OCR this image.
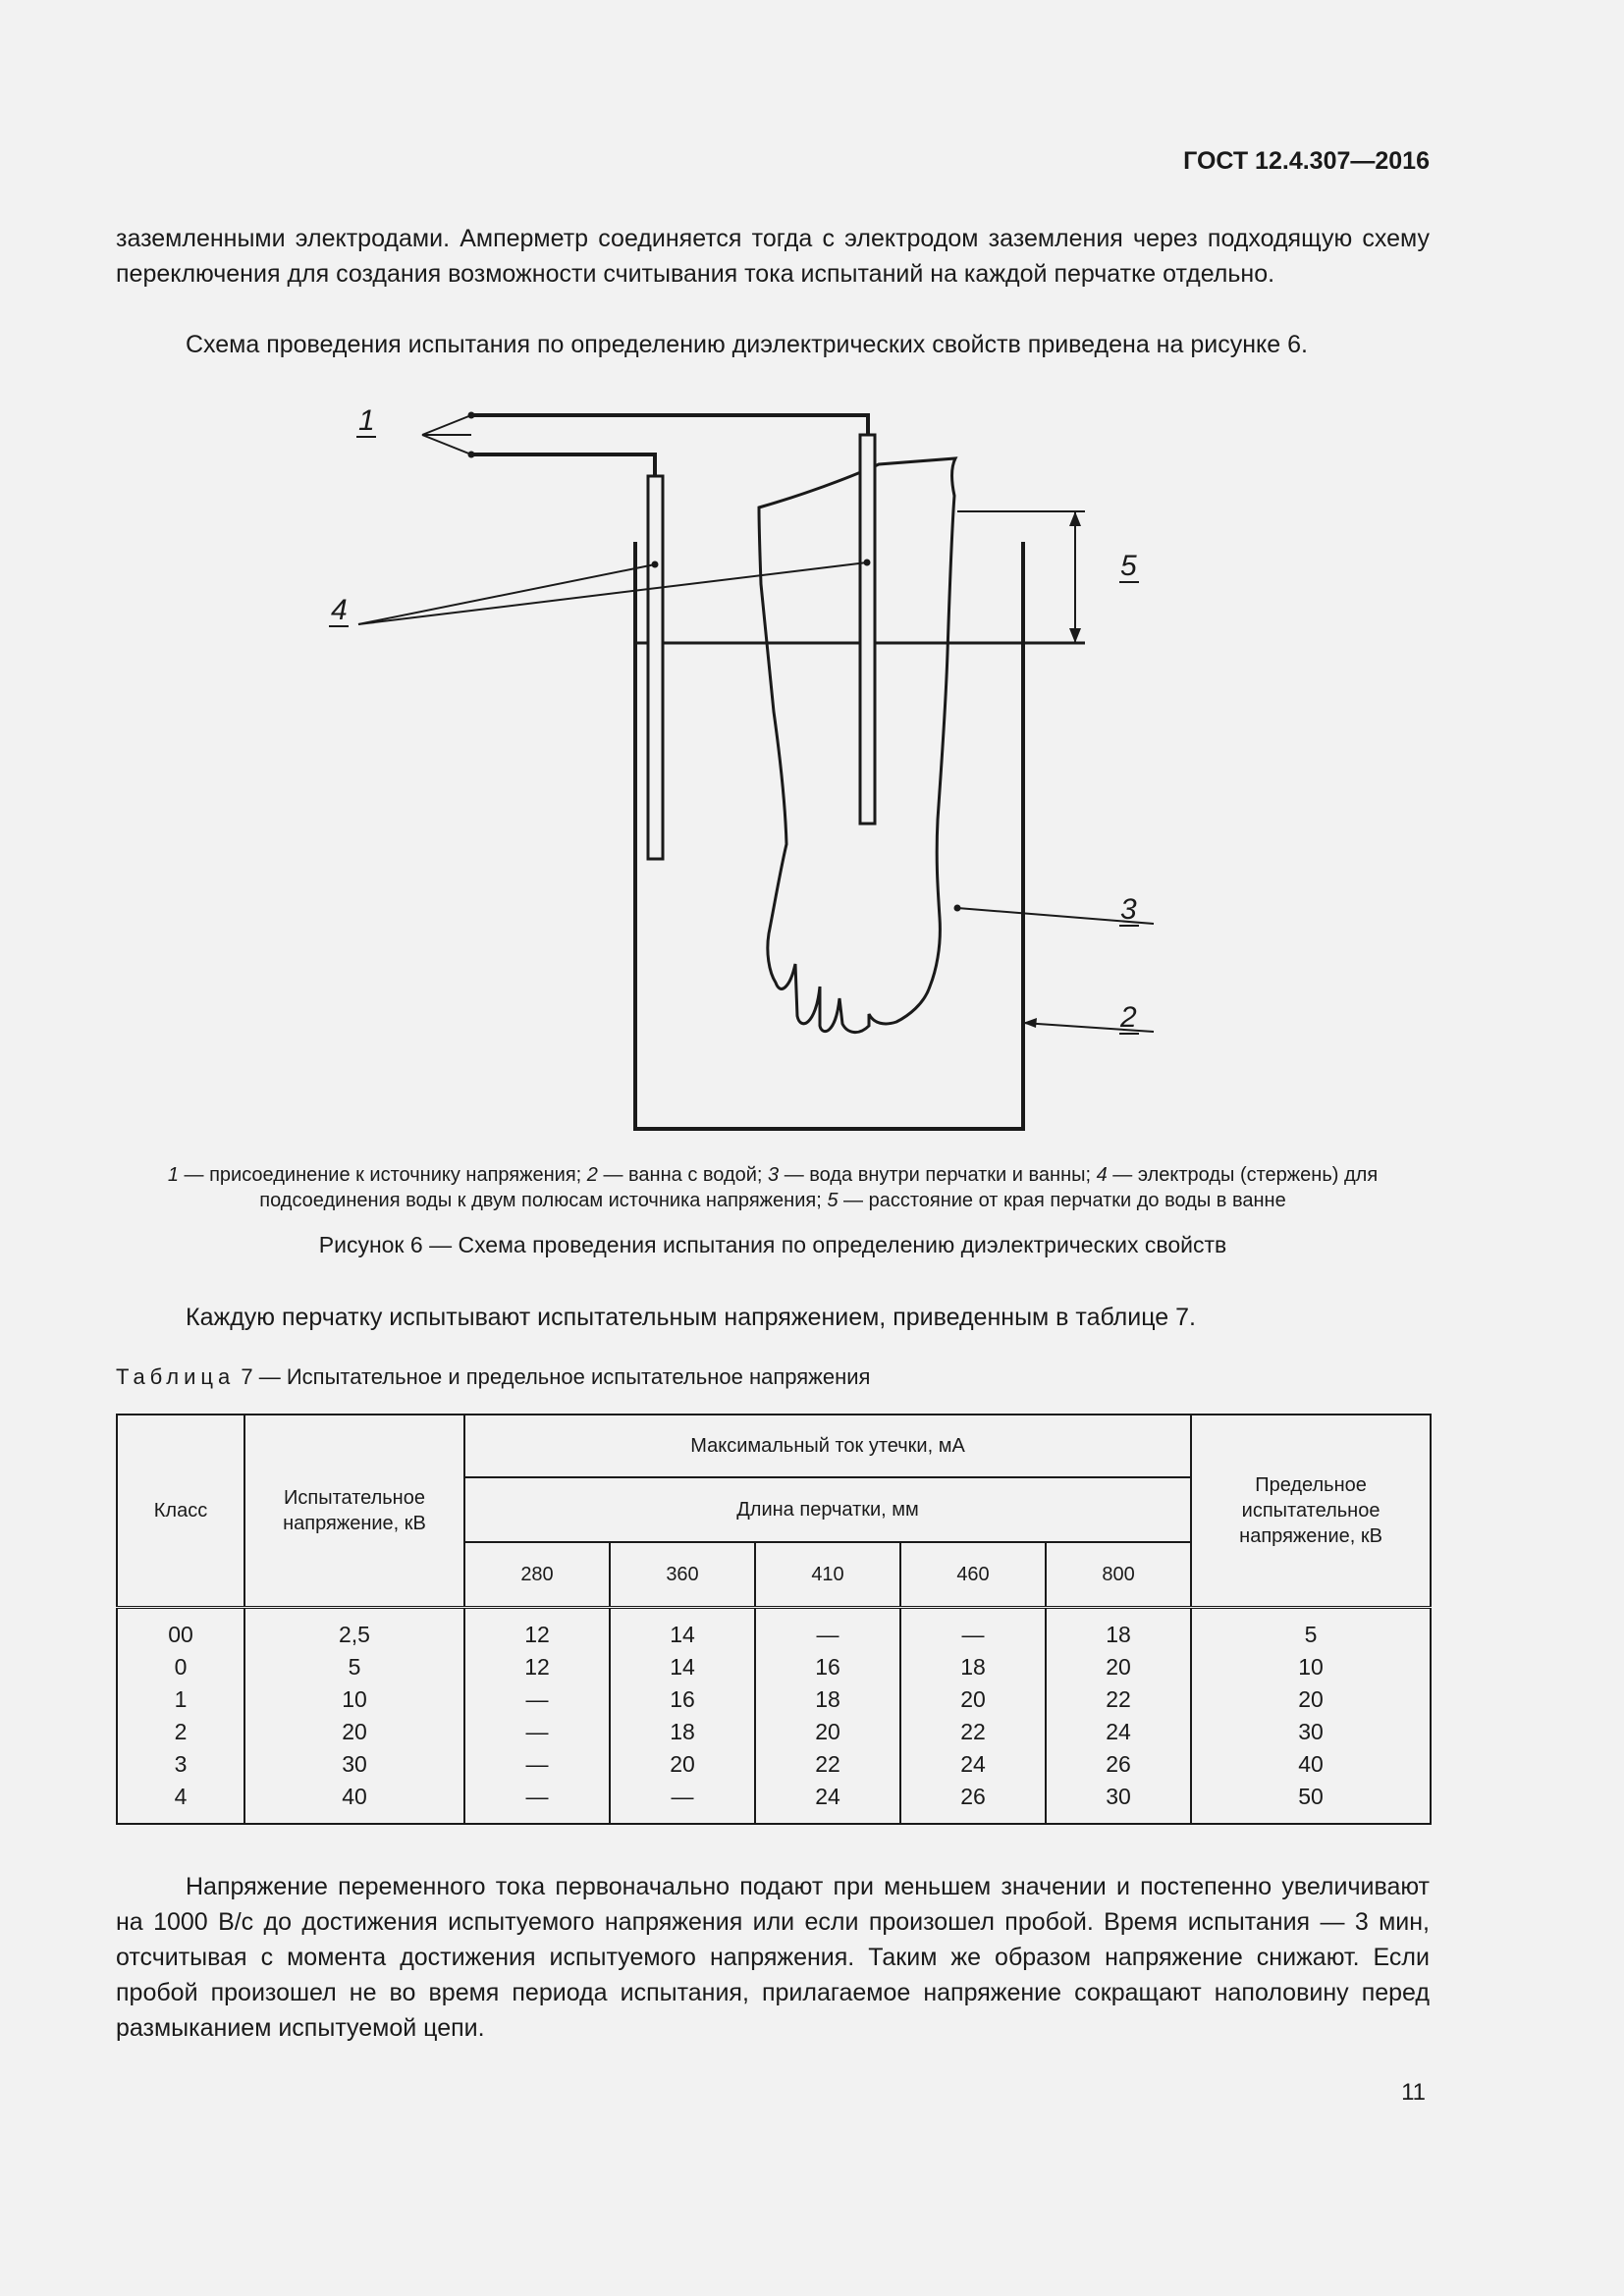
ГОСТ 12.4.307—2016
заземленными электродами. Амперметр соединяется тогда с электродом заземления через подходящую схему переключения для создания возможности считывания тока испытаний на каждой перчатке отдельно.
Схема проведения испытания по определению диэлектрических свойств приведена на рисунке 6.
1
4
5
3
2
1 — присоединение к источнику напряжения; 2 — ванна с водой; 3 — вода внутри перчатки и ванны; 4 — электроды (стержень) для подсоединения воды к двум полюсам источника напряжения; 5 — расстояние от края перчатки до воды в ванне
Рисунок 6 — Схема проведения испытания по определению диэлектрических свойств
Каждую перчатку испытывают испытательным напряжением, приведенным в таблице 7.
Таблица 7 — Испытательное и предельное испытательное напряжения
Класс	Испытательное напряжение, кВ	Максимальный ток утечки, мА					Предельное испытательное напряжение, кВ
		Длина перчатки, мм					
		280	360	410	460	800	
00	2,5	12	14	—	—	18	5
0	5	12	14	16	18	20	10
1	10	—	16	18	20	22	20
2	20	—	18	20	22	24	30
3	30	—	20	22	24	26	40
4	40	—	—	24	26	30	50
Напряжение переменного тока первоначально подают при меньшем значении и постепенно увеличивают на 1000 В/с до достижения испытуемого напряжения или если произошел пробой. Время испытания — 3 мин, отсчитывая с момента достижения испытуемого напряжения. Таким же образом напряжение снижают. Если пробой произошел не во время периода испытания, прилагаемое напряжение сокращают наполовину перед размыканием испытуемой цепи.
11
